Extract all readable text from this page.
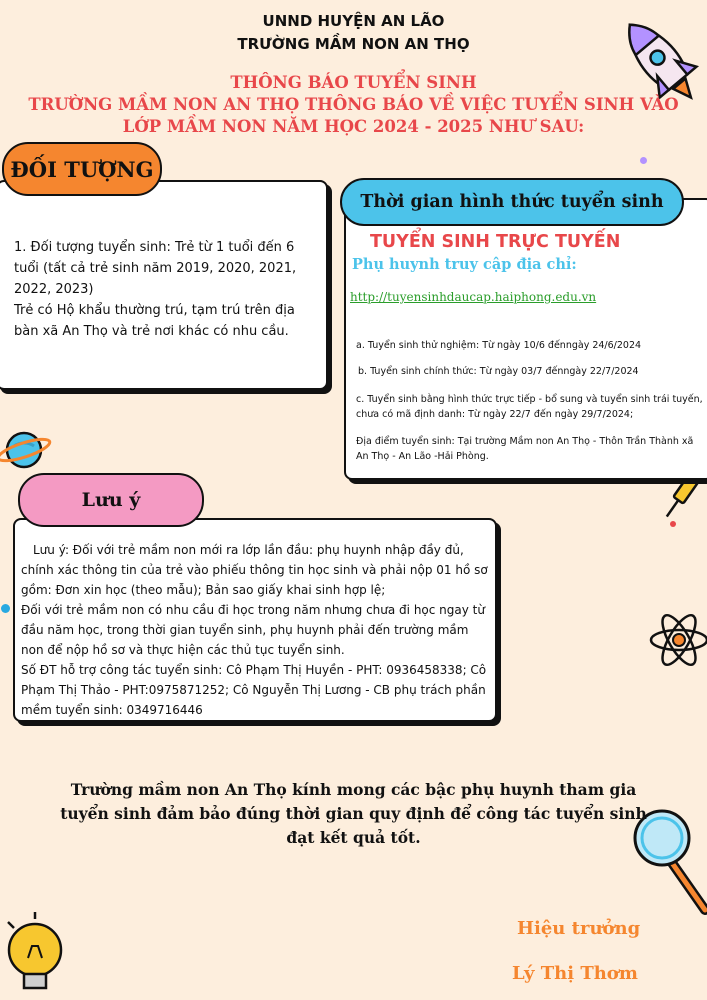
UNND HUYỆN AN LÃO
TRƯỜNG MẦM NON AN THỌ
THÔNG BÁO TUYỂN SINH
TRƯỜNG MẦM NON AN THỌ THÔNG BÁO VỀ VIỆC TUYỂN SINH VÀO
LỚP MẦM NON NĂM HỌC 2024 - 2025 NHƯ SAU:
1. Đối tượng tuyển sinh: Trẻ từ 1 tuổi đến 6 tuổi (tất cả trẻ sinh năm 2019, 2020, 2021, 2022, 2023)
Trẻ có Hộ khẩu thường trú, tạm trú trên địa bàn xã An Thọ và trẻ nơi khác có nhu cầu.
ĐỐI TƯỢNG
TUYỂN SINH TRỰC TUYẾN
Phụ huynh truy cập địa chỉ:
http://tuyensinhdaucap.haiphong.edu.vn
a. Tuyển sinh thử nghiệm: Từ ngày 10/6 đếnngày 24/6/2024
b. Tuyển sinh chính thức: Từ ngày 03/7 đếnngày 22/7/2024
c. Tuyển sinh bằng hình thức trực tiếp - bổ sung và tuyển sinh trái tuyến, chưa có mã định danh: Từ ngày 22/7 đến ngày 29/7/2024;
Địa điểm tuyển sinh: Tại trường Mầm non An Thọ - Thôn Trần Thành xã An Thọ - An Lão -Hải Phòng.
Thời gian hình thức tuyển sinh
Lưu ý: Đối với trẻ mầm non mới ra lớp lần đầu: phụ huynh nhập đầy đủ, chính xác thông tin của trẻ vào phiếu thông tin học sinh và phải nộp 01 hồ sơ gồm: Đơn xin học (theo mẫu); Bản sao giấy khai sinh hợp lệ;
Đối với trẻ mầm non có nhu cầu đi học trong năm nhưng chưa đi học ngay từ đầu năm học, trong thời gian tuyển sinh, phụ huynh phải đến trường mầm non để nộp hồ sơ và thực hiện các thủ tục tuyển sinh.
Số ĐT hỗ trợ công tác tuyển sinh: Cô Phạm Thị Huyền - PHT: 0936458338; Cô Phạm Thị Thảo - PHT:0975871252; Cô Nguyễn Thị Lương - CB phụ trách phần mềm tuyển sinh: 0349716446
Lưu ý
Trường mầm non An Thọ kính mong các bậc phụ huynh tham gia
tuyển sinh đảm bảo đúng thời gian quy định để công tác tuyển sinh
đạt kết quả tốt.
Hiệu trưởng
Lý Thị Thơm
